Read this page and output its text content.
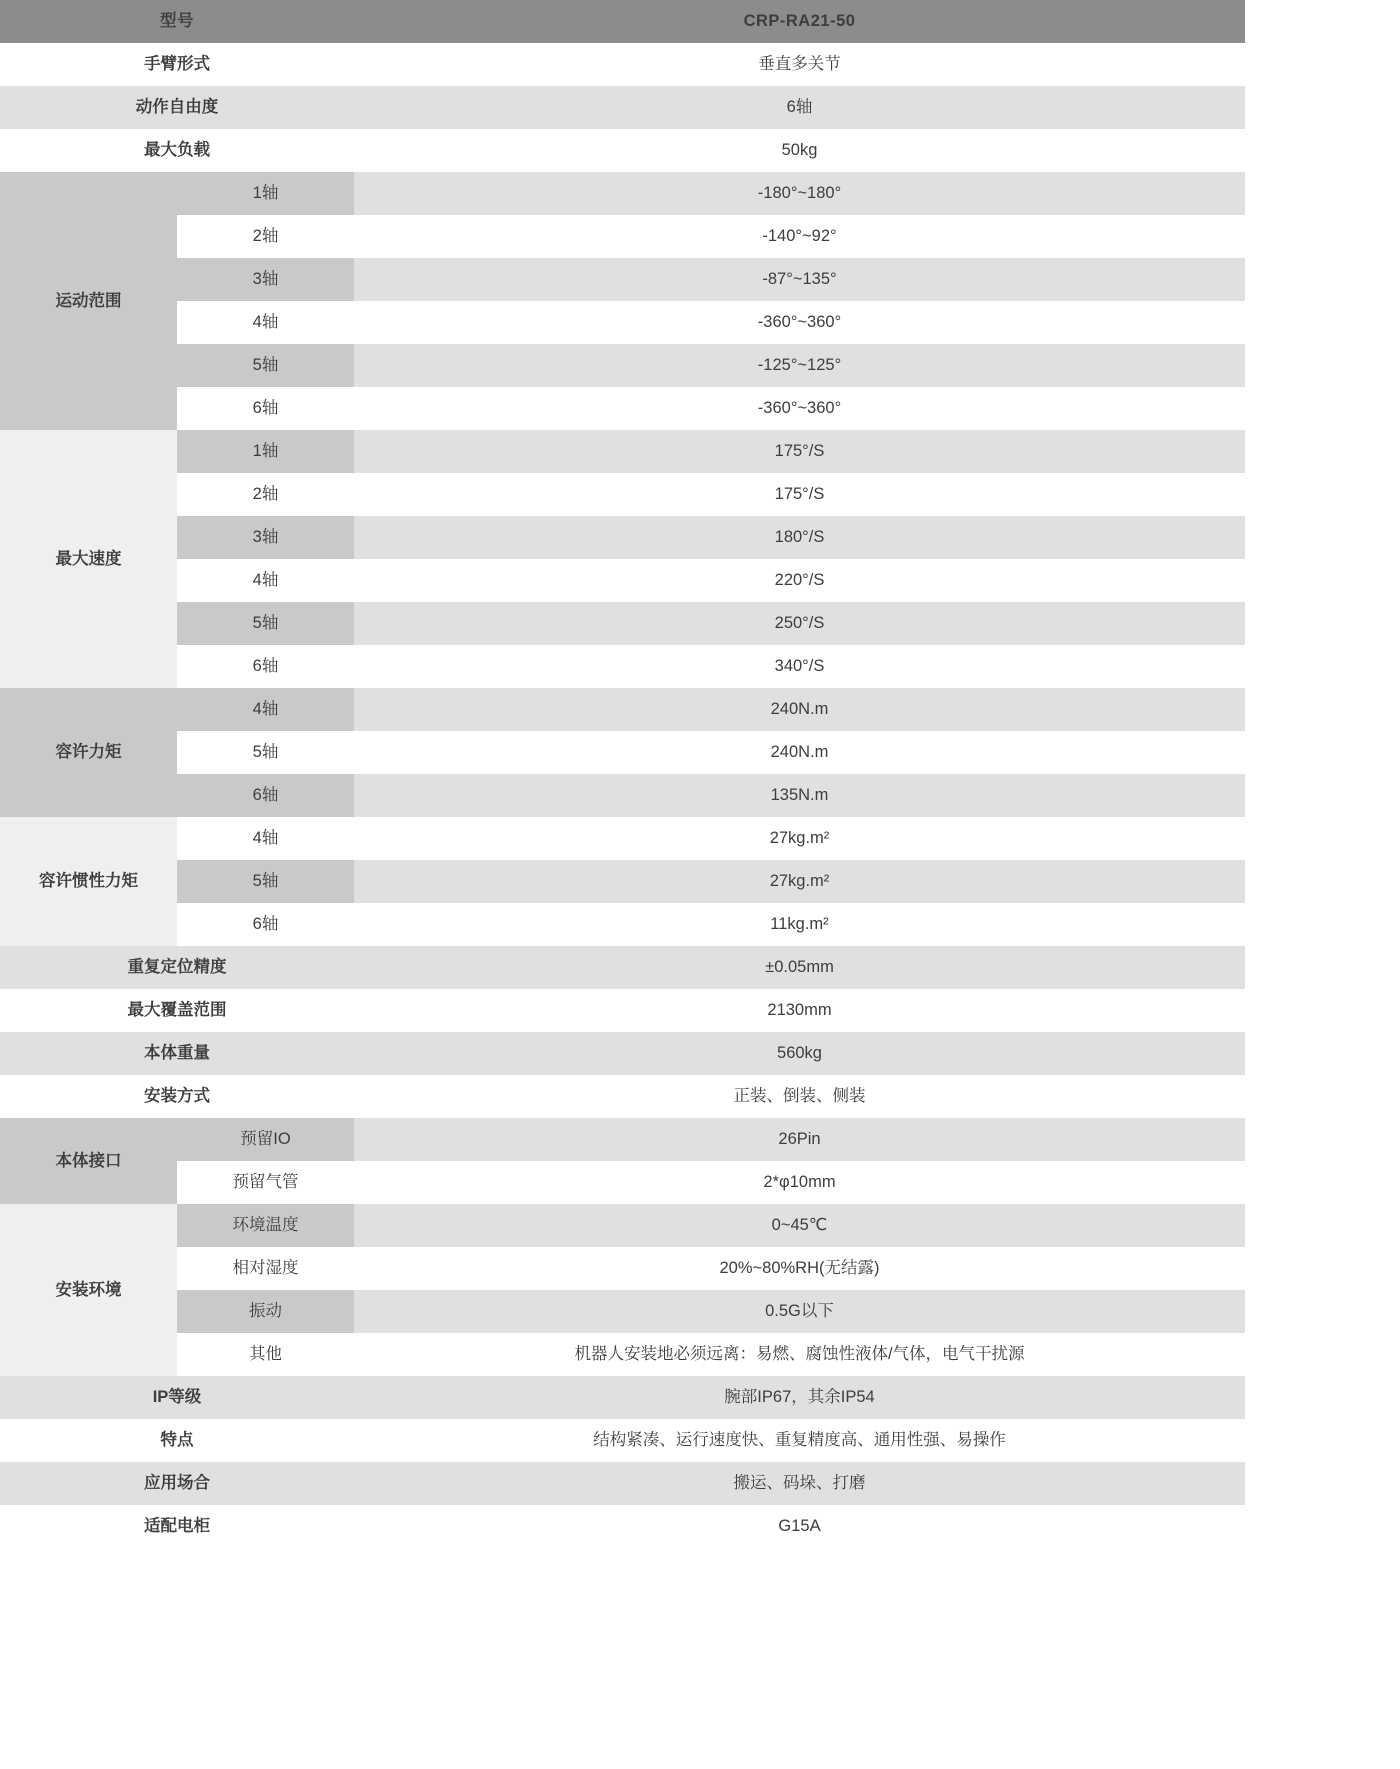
型号		CRP-RA21-50
手臂形式		垂直多关节
动作自由度		6轴
最大负载		50kg
运动范围	1轴	-180°~180°
	2轴	-140°~92°
	3轴	-87°~135°
	4轴	-360°~360°
	5轴	-125°~125°
	6轴	-360°~360°
最大速度	1轴	175°/S
	2轴	175°/S
	3轴	180°/S
	4轴	220°/S
	5轴	250°/S
	6轴	340°/S
容许力矩	4轴	240N.m
	5轴	240N.m
	6轴	135N.m
容许惯性力矩	4轴	27kg.m²
	5轴	27kg.m²
	6轴	11kg.m²
重复定位精度		±0.05mm
最大覆盖范围		2130mm
本体重量		560kg
安装方式		正装、倒装、侧装
本体接口	预留IO	26Pin
	预留气管	2*φ10mm
安装环境	环境温度	0~45℃
	相对湿度	20%~80%RH(无结露)
	振动	0.5G以下
	其他	机器人安装地必须远离：易燃、腐蚀性液体/气体，电气干扰源
IP等级		腕部IP67，其余IP54
特点		结构紧凑、运行速度快、重复精度高、通用性强、易操作
应用场合		搬运、码垛、打磨
适配电柜		G15A
